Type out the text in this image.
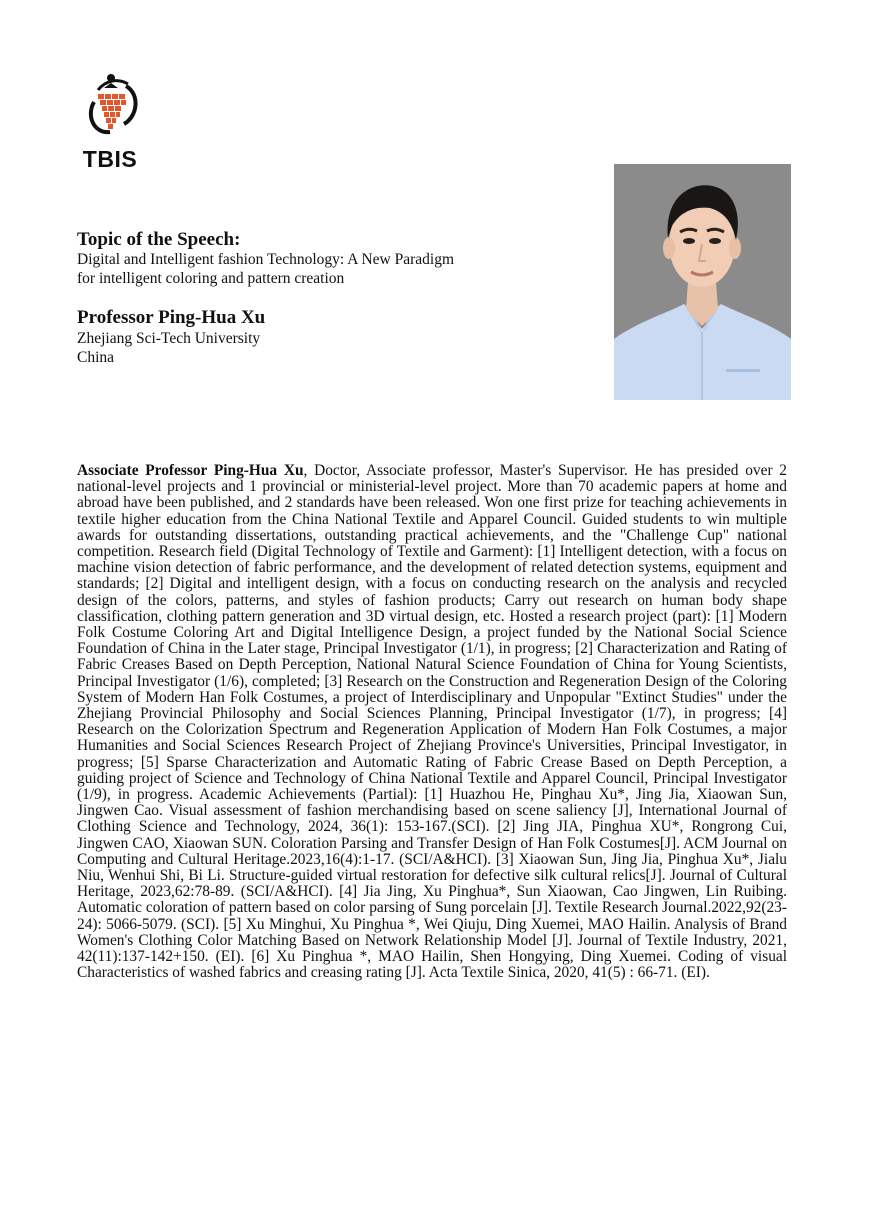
TBIS
Topic of the Speech:
Digital and Intelligent fashion Technology: A New Paradigm
for intelligent coloring and pattern creation
Professor Ping-Hua Xu
Zhejiang Sci-Tech University
China
Associate Professor Ping-Hua Xu, Doctor, Associate professor, Master's Supervisor. He has presided over 2 national-level projects and 1 provincial or ministerial-level project. More than 70 academic papers at home and abroad have been published, and 2 standards have been released. Won one first prize for teaching achievements in textile higher education from the China National Textile and Apparel Council. Guided students to win multiple awards for outstanding dissertations, outstanding practical achievements, and the "Challenge Cup" national competition. Research field (Digital Technology of Textile and Garment): [1] Intelligent detection, with a focus on machine vision detection of fabric performance, and the development of related detection systems, equipment and standards; [2] Digital and intelligent design, with a focus on conducting research on the analysis and recycled design of the colors, patterns, and styles of fashion products; Carry out research on human body shape classification, clothing pattern generation and 3D virtual design, etc. Hosted a research project (part): [1] Modern Folk Costume Coloring Art and Digital Intelligence Design, a project funded by the National Social Science Foundation of China in the Later stage, Principal Investigator (1/1), in progress; [2] Characterization and Rating of Fabric Creases Based on Depth Perception, National Natural Science Foundation of China for Young Scientists, Principal Investigator (1/6), completed; [3] Research on the Construction and Regeneration Design of the Coloring System of Modern Han Folk Costumes, a project of Interdisciplinary and Unpopular "Extinct Studies" under the Zhejiang Provincial Philosophy and Social Sciences Planning, Principal Investigator (1/7), in progress; [4] Research on the Colorization Spectrum and Regeneration Application of Modern Han Folk Costumes, a major Humanities and Social Sciences Research Project of Zhejiang Province's Universities, Principal Investigator, in progress; [5] Sparse Characterization and Automatic Rating of Fabric Crease Based on Depth Perception, a guiding project of Science and Technology of China National Textile and Apparel Council, Principal Investigator (1/9), in progress. Academic Achievements (Partial): [1] Huazhou He, Pinghau Xu*, Jing Jia, Xiaowan Sun, Jingwen Cao. Visual assessment of fashion merchandising based on scene saliency [J], International Journal of Clothing Science and Technology, 2024, 36(1): 153-167.(SCI). [2] Jing JIA, Pinghua XU*, Rongrong Cui, Jingwen CAO, Xiaowan SUN. Coloration Parsing and Transfer Design of Han Folk Costumes[J]. ACM Journal on Computing and Cultural Heritage.2023,16(4):1-17. (SCI/A&HCI). [3] Xiaowan Sun, Jing Jia, Pinghua Xu*, Jialu Niu, Wenhui Shi, Bi Li. Structure-guided virtual restoration for defective silk cultural relics[J]. Journal of Cultural Heritage, 2023,62:78-89. (SCI/A&HCI). [4] Jia Jing, Xu Pinghua*, Sun Xiaowan, Cao Jingwen, Lin Ruibing. Automatic coloration of pattern based on color parsing of Sung porcelain [J]. Textile Research Journal.2022,92(23-24): 5066-5079. (SCI). [5] Xu Minghui, Xu Pinghua *, Wei Qiuju, Ding Xuemei, MAO Hailin. Analysis of Brand Women's Clothing Color Matching Based on Network Relationship Model [J]. Journal of Textile Industry, 2021, 42(11):137-142+150. (EI). [6] Xu Pinghua *, MAO Hailin, Shen Hongying, Ding Xuemei. Coding of visual Characteristics of washed fabrics and creasing rating [J]. Acta Textile Sinica, 2020, 41(5) : 66-71. (EI).
